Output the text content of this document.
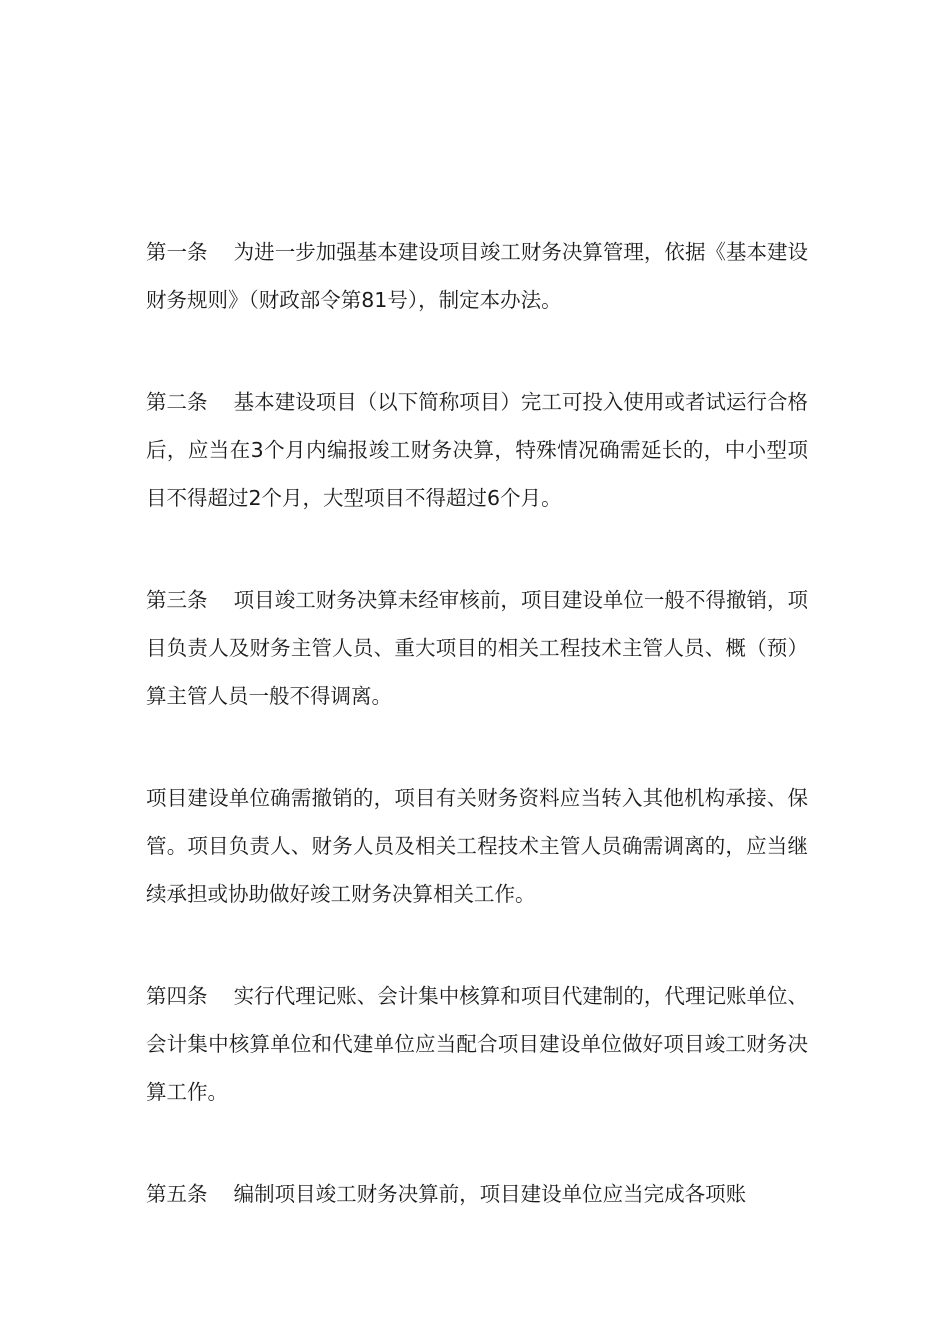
第一条 为进一步加强基本建设项目竣工财务决算管理，依据《基本建设财务规则》（财政部令第81号），制定本办法。

第二条 基本建设项目（以下简称项目）完工可投入使用或者试运行合格后，应当在3个月内编报竣工财务决算，特殊情况确需延长的，中小型项目不得超过2个月，大型项目不得超过6个月。

第三条 项目竣工财务决算未经审核前，项目建设单位一般不得撤销，项目负责人及财务主管人员、重大项目的相关工程技术主管人员、概（预）算主管人员一般不得调离。

项目建设单位确需撤销的，项目有关财务资料应当转入其他机构承接、保管。项目负责人、财务人员及相关工程技术主管人员确需调离的，应当继续承担或协助做好竣工财务决算相关工作。

第四条 实行代理记账、会计集中核算和项目代建制的，代理记账单位、会计集中核算单位和代建单位应当配合项目建设单位做好项目竣工财务决算工作。

第五条 编制项目竣工财务决算前，项目建设单位应当完成各项账
